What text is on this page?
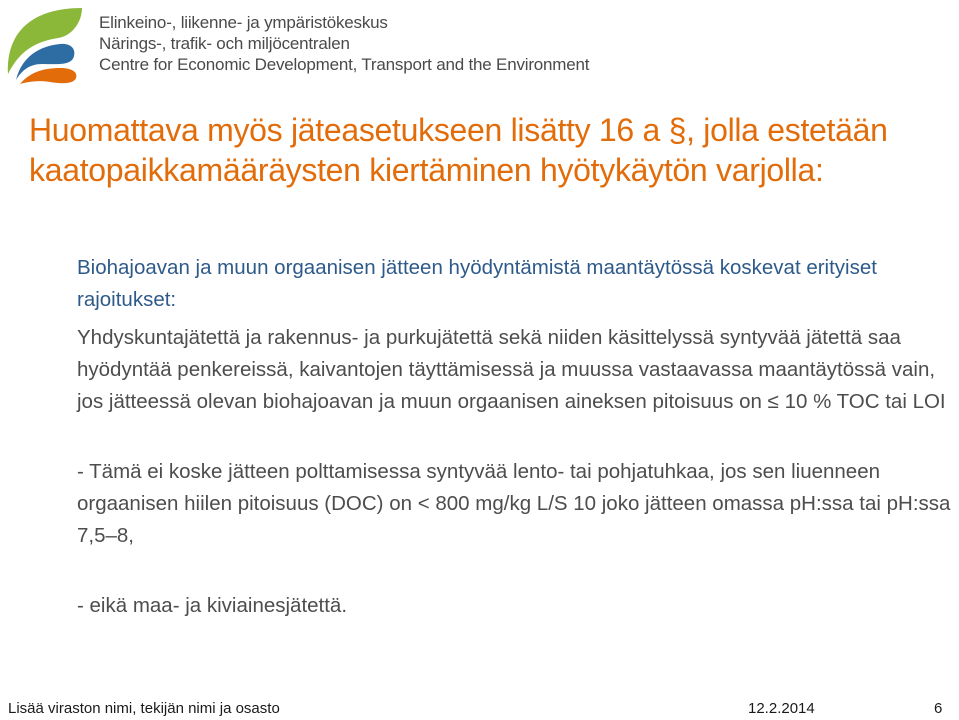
Elinkeino-, liikenne- ja ympäristökeskus
Närings-, trafik- och miljöcentralen
Centre for Economic Development, Transport and the Environment
Huomattava myös jäteasetukseen lisätty 16 a §, jolla estetään kaatopaikkamääräysten kiertäminen hyötykäytön varjolla:

Biohajoavan ja muun orgaanisen jätteen hyödyntämistä maantäytössä koskevat erityiset rajoitukset:

Yhdyskuntajätettä ja rakennus- ja purkujätettä sekä niiden käsittelyssä syntyvää jätettä saa hyödyntää penkereissä, kaivantojen täyttämisessä ja muussa vastaavassa maantäytössä vain, jos jätteessä olevan biohajoavan ja muun orgaanisen aineksen pitoisuus on ≤ 10 % TOC tai LOI

- Tämä ei koske jätteen polttamisessa syntyvää lento- tai pohjatuhkaa, jos sen liuenneen orgaanisen hiilen pitoisuus (DOC) on < 800 mg/kg L/S 10 joko jätteen omassa pH:ssa tai pH:ssa 7,5–8,

- eikä maa- ja kiviainesjätettä.

Lisää viraston nimi, tekijän nimi ja osasto	12.2.2014	6
